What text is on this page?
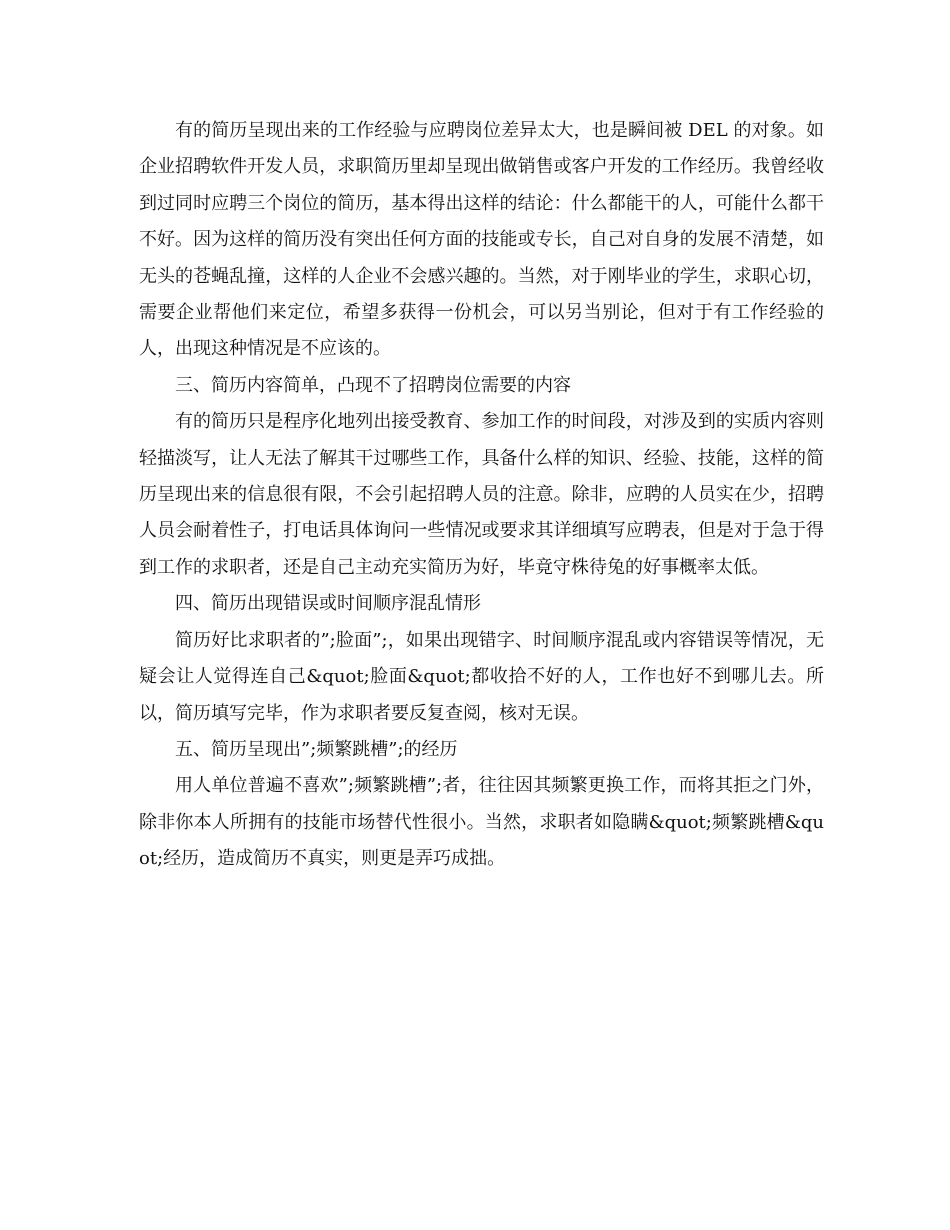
有的简历呈现出来的工作经验与应聘岗位差异太大，也是瞬间被 DEL 的对象。如企业招聘软件开发人员，求职简历里却呈现出做销售或客户开发的工作经历。我曾经收到过同时应聘三个岗位的简历，基本得出这样的结论：什么都能干的人，可能什么都干不好。因为这样的简历没有突出任何方面的技能或专长，自己对自身的发展不清楚，如无头的苍蝇乱撞，这样的人企业不会感兴趣的。当然，对于刚毕业的学生，求职心切，需要企业帮他们来定位，希望多获得一份机会，可以另当别论，但对于有工作经验的人，出现这种情况是不应该的。

三、简历内容简单，凸现不了招聘岗位需要的内容

有的简历只是程序化地列出接受教育、参加工作的时间段，对涉及到的实质内容则轻描淡写，让人无法了解其干过哪些工作，具备什么样的知识、经验、技能，这样的简历呈现出来的信息很有限，不会引起招聘人员的注意。除非，应聘的人员实在少，招聘人员会耐着性子，打电话具体询问一些情况或要求其详细填写应聘表，但是对于急于得到工作的求职者，还是自己主动充实简历为好，毕竟守株待兔的好事概率太低。

四、简历出现错误或时间顺序混乱情形

简历好比求职者的”;脸面”;，如果出现错字、时间顺序混乱或内容错误等情况，无疑会让人觉得连自己&quot;脸面&quot;都收拾不好的人，工作也好不到哪儿去。所以，简历填写完毕，作为求职者要反复查阅，核对无误。

五、简历呈现出”;频繁跳槽”;的经历

用人单位普遍不喜欢”;频繁跳槽”;者，往往因其频繁更换工作，而将其拒之门外，除非你本人所拥有的技能市场替代性很小。当然，求职者如隐瞒&quot;频繁跳槽&quot;经历，造成简历不真实，则更是弄巧成拙。
